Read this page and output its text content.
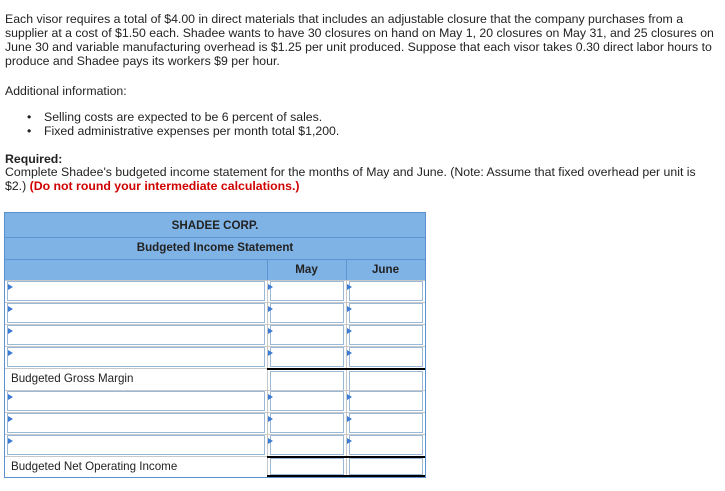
Each visor requires a total of $4.00 in direct materials that includes an adjustable closure that the company purchases from a supplier at a cost of $1.50 each. Shadee wants to have 30 closures on hand on May 1, 20 closures on May 31, and 25 closures on June 30 and variable manufacturing overhead is $1.25 per unit produced. Suppose that each visor takes 0.30 direct labor hours to produce and Shadee pays its workers $9 per hour.
Additional information:
• Selling costs are expected to be 6 percent of sales.
• Fixed administrative expenses per month total $1,200.
Required:
Complete Shadee's budgeted income statement for the months of May and June. (Note: Assume that fixed overhead per unit is $2.) (Do not round your intermediate calculations.)
SHADEE CORP.
Budgeted Income Statement
May	June
Budgeted Gross Margin
Budgeted Net Operating Income
